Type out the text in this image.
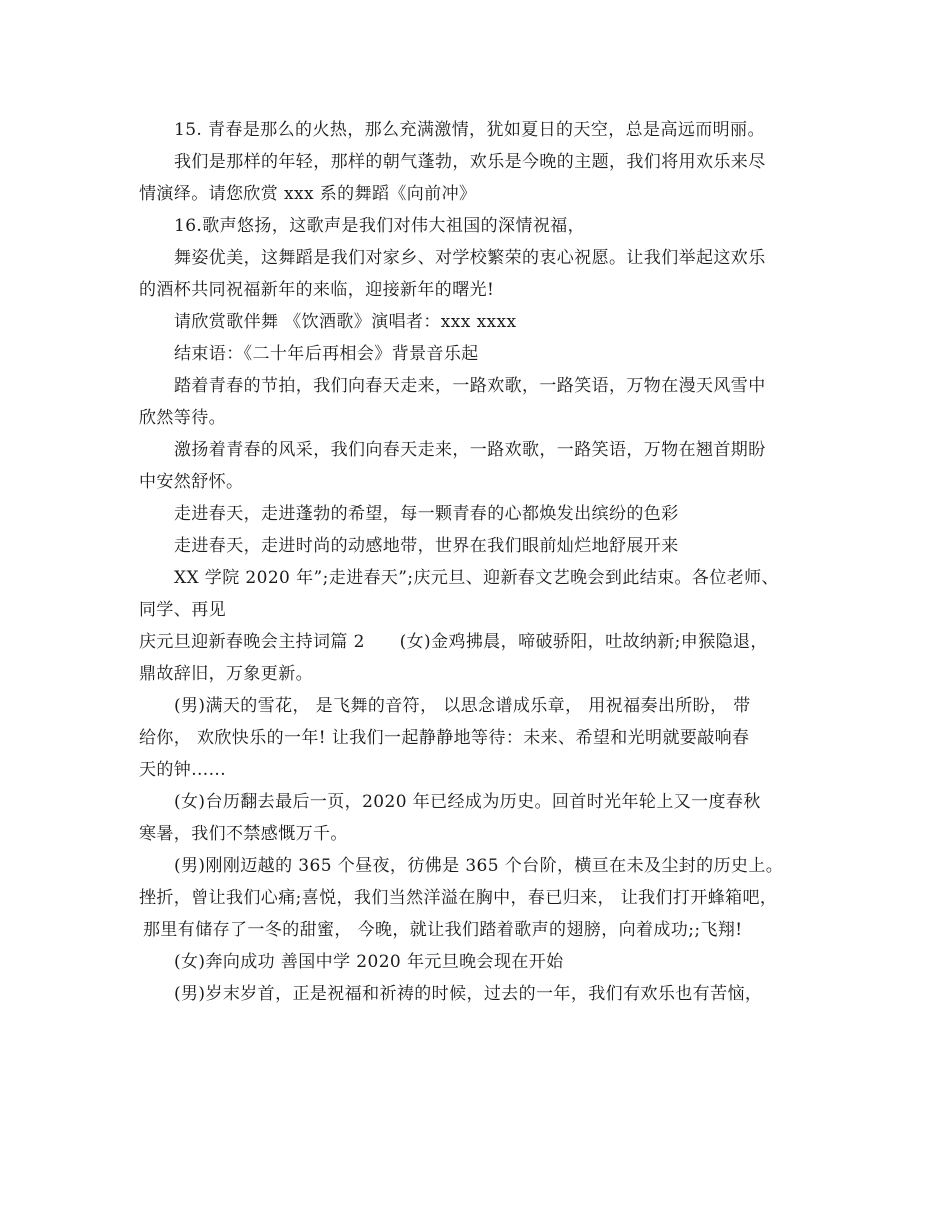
15. 青春是那么的火热，那么充满激情，犹如夏日的天空，总是高远而明丽。
我们是那样的年轻，那样的朝气蓬勃，欢乐是今晚的主题，我们将用欢乐来尽
情演绎。请您欣赏 xxx 系的舞蹈《向前冲》
16.歌声悠扬，这歌声是我们对伟大祖国的深情祝福，
舞姿优美，这舞蹈是我们对家乡、对学校繁荣的衷心祝愿。让我们举起这欢乐
的酒杯共同祝福新年的来临，迎接新年的曙光!
请欣赏歌伴舞 《饮酒歌》演唱者：xxx xxxx
结束语：《二十年后再相会》背景音乐起
踏着青春的节拍，我们向春天走来，一路欢歌，一路笑语，万物在漫天风雪中
欣然等待。
激扬着青春的风采，我们向春天走来，一路欢歌，一路笑语，万物在翘首期盼
中安然舒怀。
走进春天，走进蓬勃的希望，每一颗青春的心都焕发出缤纷的色彩
走进春天，走进时尚的动感地带，世界在我们眼前灿烂地舒展开来
XX 学院 2020 年”;走进春天”;庆元旦、迎新春文艺晚会到此结束。各位老师、
同学、再见
庆元旦迎新春晚会主持词篇 2　　(女)金鸡拂晨，啼破骄阳，吐故纳新;申猴隐退，
鼎故辞旧，万象更新。
(男)满天的雪花， 是飞舞的音符， 以思念谱成乐章， 用祝福奏出所盼， 带
给你， 欢欣快乐的一年! 让我们一起静静地等待：未来、希望和光明就要敲响春
天的钟......
(女)台历翻去最后一页，2020 年已经成为历史。回首时光年轮上又一度春秋
寒暑，我们不禁感慨万千。
(男)刚刚迈越的 365 个昼夜，彷佛是 365 个台阶，横亘在未及尘封的历史上。
挫折，曾让我们心痛;喜悦，我们当然洋溢在胸中，春已归来， 让我们打开蜂箱吧，
那里有储存了一冬的甜蜜， 今晚，就让我们踏着歌声的翅膀，向着成功;;飞翔!
(女)奔向成功 善国中学 2020 年元旦晚会现在开始
(男)岁末岁首，正是祝福和祈祷的时候，过去的一年，我们有欢乐也有苦恼，
